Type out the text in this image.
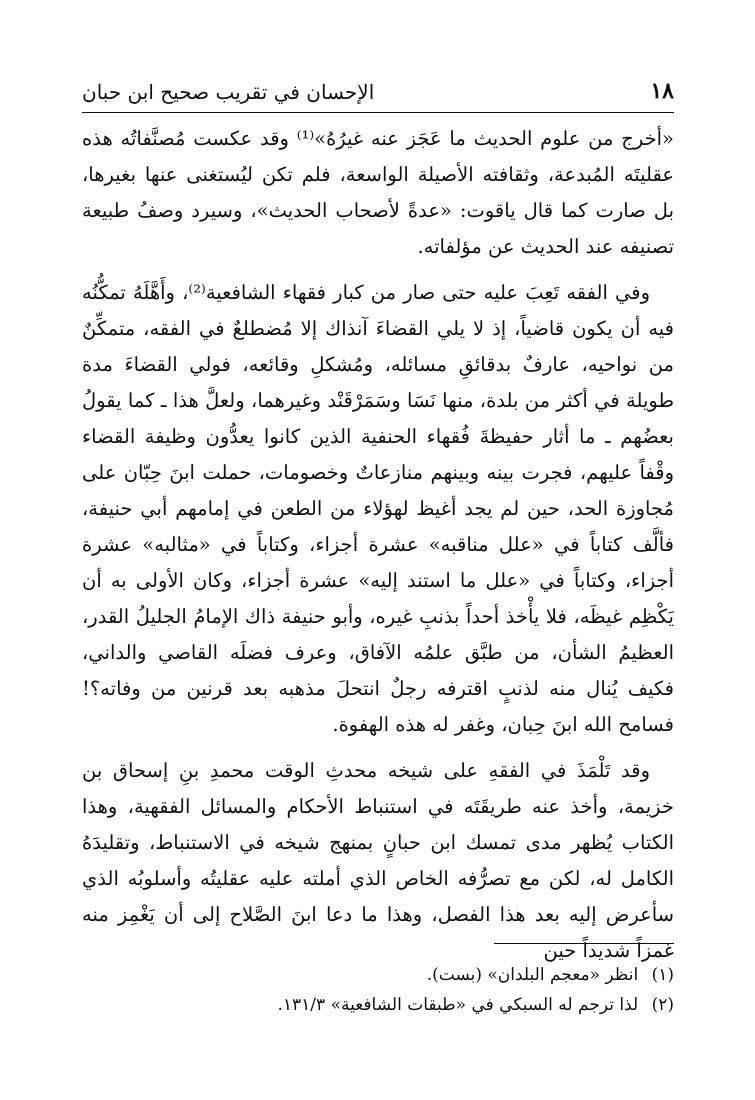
الإحسان في تقريب صحيح ابن حبان	١٨

«أخرج من علوم الحديث ما عَجَز عنه غيرُهُ»⁽¹⁾ وقد عكست مُصنَّفاتُه هذه عقليتَه المُبدعة، وثقافته الأصيلة الواسعة، فلم تكن ليُستغنى عنها بغيرها، بل صارت كما قال ياقوت: «عدةً لأصحاب الحديث»، وسيرد وصفُ طبيعة تصنيفه عند الحديث عن مؤلفاته.

وفي الفقه تَعِبَ عليه حتى صار من كبار فقهاء الشافعية⁽²⁾، وأَهَّلَهُ تمكُّنُه فيه أن يكون قاضياً، إذ لا يلي القضاءَ آنذاك إلا مُضطلعٌ في الفقه، متمكِّنٌ من نواحيه، عارفٌ بدقائقِ مسائله، ومُشكلِ وقائعه، فولي القضاءَ مدة طويلة في أكثر من بلدة، منها نَسَا وسَمَرْقَنْد وغيرهما، ولعلَّ هذا ـ كما يقولُ بعضُهم ـ ما أثار حفيظةَ فُقهاء الحنفية الذين كانوا يعدُّون وظيفة القضاء وقْفاً عليهم، فجرت بينه وبينهم منازعاتٌ وخصومات، حملت ابنَ حِبّان على مُجاوزة الحد، حين لم يجد أغيظ لهؤلاء من الطعن في إمامهم أبي حنيفة، فألَّف كتاباً في «علل مناقبه» عشرة أجزاء، وكتاباً في «مثالبه» عشرة أجزاء، وكتاباً في «علل ما استند إليه» عشرة أجزاء، وكان الأولى به أن يَكْظِم غيظَه، فلا يأْخذ أحداً بذنبِ غيره، وأبو حنيفة ذاك الإمامُ الجليلُ القدر، العظيمُ الشأن، من طبَّق علمُه الآفاق، وعرف فضلَه القاصي والداني، فكيف يُنال منه لذنبٍ اقترفه رجلٌ انتحلَ مذهبه بعد قرنين من وفاته؟! فسامح الله ابنَ حِبان، وغفر له هذه الهفوة.

وقد تَلْمَذَ في الفقهِ على شيخه محدثِ الوقت محمدِ بنِ إسحاق بن خزيمة، وأخذ عنه طريقَتَه في استنباط الأحكام والمسائل الفقهية، وهذا الكتاب يُظهر مدى تمسك ابن حبانٍ بمنهج شيخه في الاستنباط، وتقليدَهُ الكامل له، لكن مع تصرُّفه الخاص الذي أملته عليه عقليتُه وأسلوبُه الذي سأعرض إليه بعد هذا الفصل، وهذا ما دعا ابنَ الصَّلاح إلى أن يَغْمِز منه غمزاً شديداً حين

(١) انظر «معجم البلدان» (بست).
(٢) لذا ترجم له السبكي في «طبقات الشافعية» ١٣١/٣.
